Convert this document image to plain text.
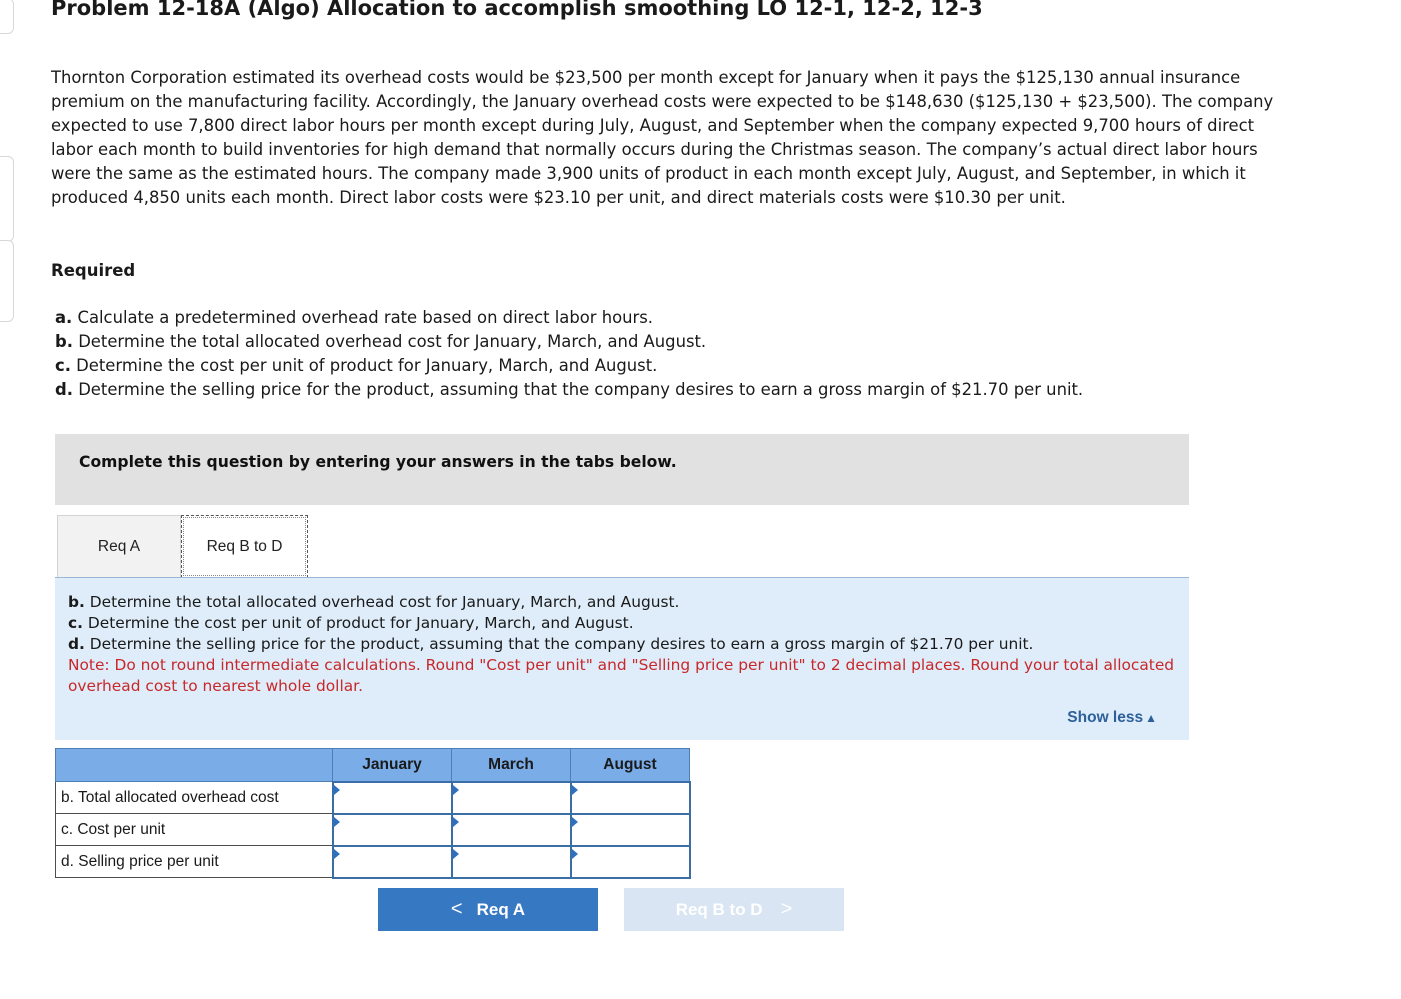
Problem 12-18A (Algo) Allocation to accomplish smoothing LO 12-1, 12-2, 12-3

Thornton Corporation estimated its overhead costs would be $23,500 per month except for January when it pays the $125,130 annual insurance premium on the manufacturing facility. Accordingly, the January overhead costs were expected to be $148,630 ($125,130 + $23,500). The company expected to use 7,800 direct labor hours per month except during July, August, and September when the company expected 9,700 hours of direct labor each month to build inventories for high demand that normally occurs during the Christmas season. The company’s actual direct labor hours were the same as the estimated hours. The company made 3,900 units of product in each month except July, August, and September, in which it produced 4,850 units each month. Direct labor costs were $23.10 per unit, and direct materials costs were $10.30 per unit.

Required
a. Calculate a predetermined overhead rate based on direct labor hours.
b. Determine the total allocated overhead cost for January, March, and August.
c. Determine the cost per unit of product for January, March, and August.
d. Determine the selling price for the product, assuming that the company desires to earn a gross margin of $21.70 per unit.
Complete this question by entering your answers in the tabs below.
Req A	Req B to D
b. Determine the total allocated overhead cost for January, March, and August.
c. Determine the cost per unit of product for January, March, and August.
d. Determine the selling price for the product, assuming that the company desires to earn a gross margin of $21.70 per unit.
Note: Do not round intermediate calculations. Round "Cost per unit" and "Selling price per unit" to 2 decimal places. Round your total allocated overhead cost to nearest whole dollar.
Show less ▲
	January	March	August
b. Total allocated overhead cost	

c. Cost per unit	

d. Selling price per unit	

< Req A	Req B to D >
